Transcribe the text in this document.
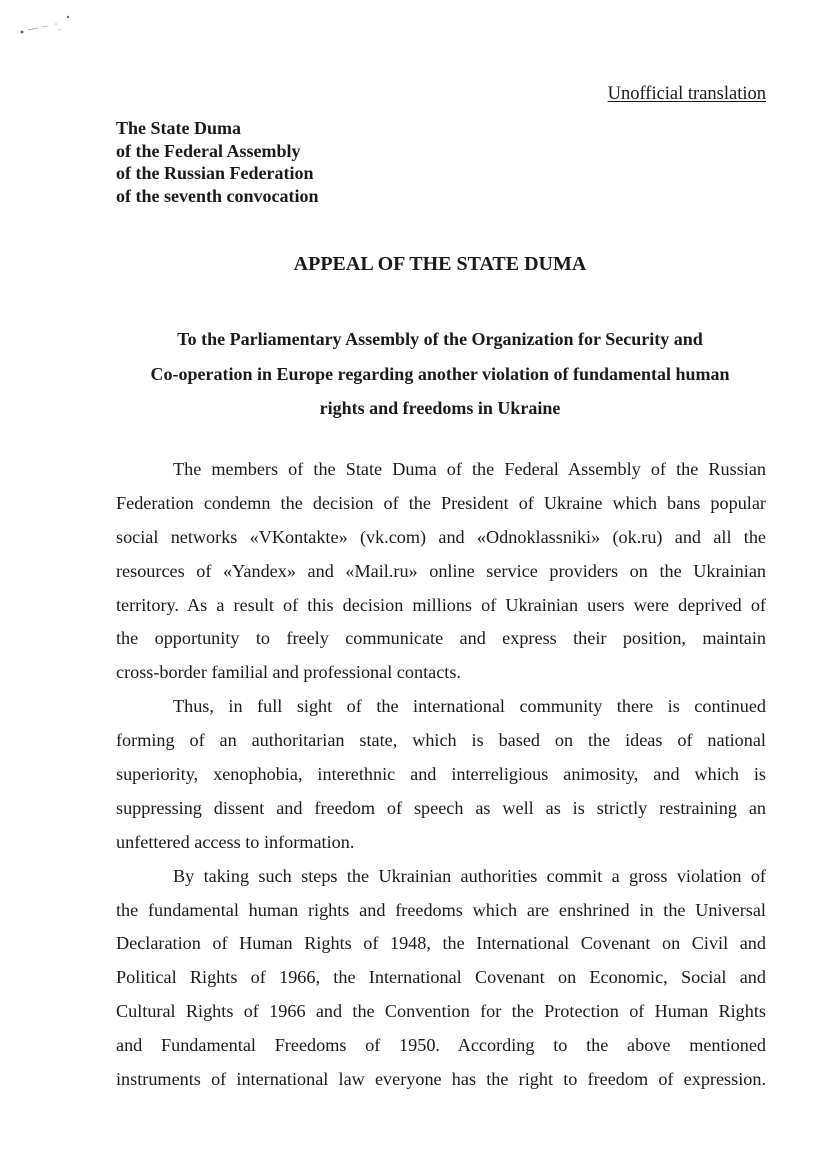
Unofficial translation
The State Duma
of the Federal Assembly
of the Russian Federation
of the seventh convocation
APPEAL OF THE STATE DUMA
To the Parliamentary Assembly of the Organization for Security and
Co-operation in Europe regarding another violation of fundamental human
rights and freedoms in Ukraine
The members of the State Duma of the Federal Assembly of the Russian
Federation condemn the decision of the President of Ukraine which bans popular
social networks «VKontakte» (vk.com) and «Odnoklassniki» (ok.ru) and all the
resources of «Yandex» and «Mail.ru» online service providers on the Ukrainian
territory. As a result of this decision millions of Ukrainian users were deprived of
the opportunity to freely communicate and express their position, maintain
cross-border familial and professional contacts.
Thus, in full sight of the international community there is continued
forming of an authoritarian state, which is based on the ideas of national
superiority, xenophobia, interethnic and interreligious animosity, and which is
suppressing dissent and freedom of speech as well as is strictly restraining an
unfettered access to information.
By taking such steps the Ukrainian authorities commit a gross violation of
the fundamental human rights and freedoms which are enshrined in the Universal
Declaration of Human Rights of 1948, the International Covenant on Civil and
Political Rights of 1966, the International Covenant on Economic, Social and
Cultural Rights of 1966 and the Convention for the Protection of Human Rights
and Fundamental Freedoms of 1950. According to the above mentioned
instruments of international law everyone has the right to freedom of expression.
